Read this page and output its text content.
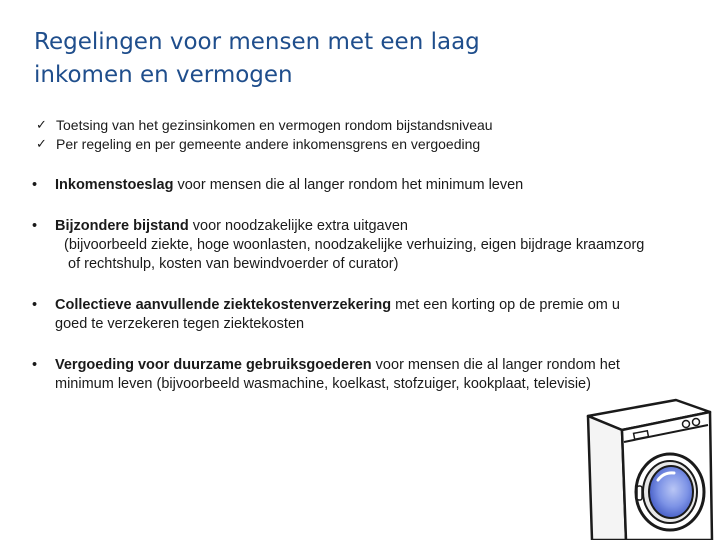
Regelingen voor mensen met een laag
inkomen en vermogen
✓ Toetsing van het gezinsinkomen en vermogen rondom bijstandsniveau
✓ Per regeling en per gemeente andere inkomensgrens en vergoeding
•	Inkomenstoeslag voor mensen die al langer rondom het minimum leven
•	Bijzondere bijstand voor noodzakelijke extra uitgaven
(bijvoorbeeld ziekte, hoge woonlasten, noodzakelijke verhuizing, eigen bijdrage kraamzorg
of rechtshulp, kosten van bewindvoerder of curator)
•	Collectieve aanvullende ziektekostenverzekering met een korting op de premie om u
goed te verzekeren tegen ziektekosten
•	Vergoeding voor duurzame gebruiksgoederen voor mensen die al langer rondom het
minimum leven (bijvoorbeeld wasmachine, koelkast, stofzuiger, kookplaat, televisie)
